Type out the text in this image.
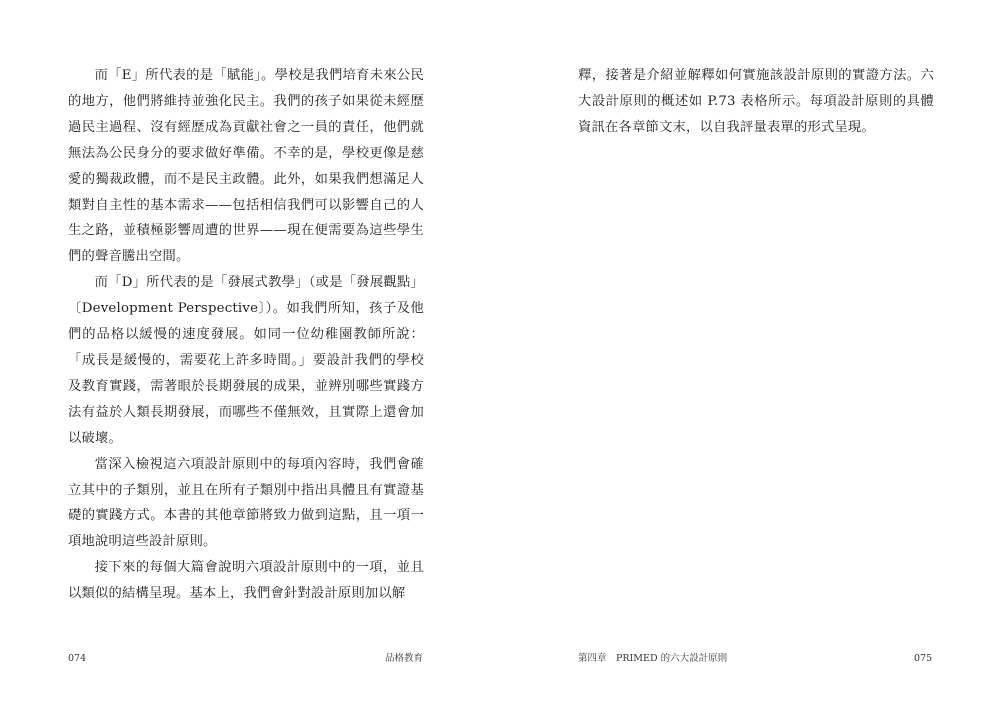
而「E」所代表的是「賦能」。學校是我們培育未來公民的地方，他們將維持並強化民主。我們的孩子如果從未經歷過民主過程、沒有經歷成為貢獻社會之一員的責任，他們就無法為公民身分的要求做好準備。不幸的是，學校更像是慈愛的獨裁政體，而不是民主政體。此外，如果我們想滿足人類對自主性的基本需求——包括相信我們可以影響自己的人生之路，並積極影響周遭的世界——現在便需要為這些學生們的聲音騰出空間。

而「D」所代表的是「發展式教學」（或是「發展觀點」〔Development Perspective〕）。如我們所知，孩子及他們的品格以緩慢的速度發展。如同一位幼稚園教師所說：「成長是緩慢的，需要花上許多時間。」要設計我們的學校及教育實踐，需著眼於長期發展的成果，並辨別哪些實踐方法有益於人類長期發展，而哪些不僅無效，且實際上還會加以破壞。

當深入檢視這六項設計原則中的每項內容時，我們會確立其中的子類別，並且在所有子類別中指出具體且有實證基礎的實踐方式。本書的其他章節將致力做到這點，且一項一項地說明這些設計原則。

接下來的每個大篇會說明六項設計原則中的一項，並且以類似的結構呈現。基本上，我們會針對設計原則加以解

074	品格教育

釋，接著是介紹並解釋如何實施該設計原則的實證方法。六大設計原則的概述如 P.73 表格所示。每項設計原則的具體資訊在各章節文末，以自我評量表單的形式呈現。

第四章　PRIMED 的六大設計原則	075
